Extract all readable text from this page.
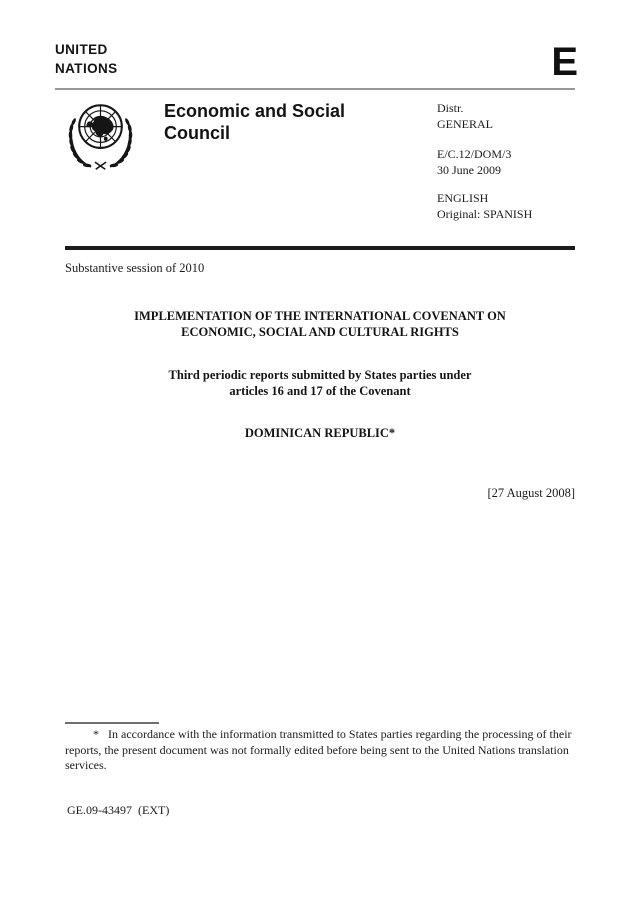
UNITED
NATIONS	E
Economic and Social
Council
Distr.
GENERAL
E/C.12/DOM/3
30 June 2009
ENGLISH
Original: SPANISH
Substantive session of 2010
IMPLEMENTATION OF THE INTERNATIONAL COVENANT ON
ECONOMIC, SOCIAL AND CULTURAL RIGHTS
Third periodic reports submitted by States parties under
articles 16 and 17 of the Covenant
DOMINICAN REPUBLIC*
[27 August 2008]

* In accordance with the information transmitted to States parties regarding the processing of their reports, the present document was not formally edited before being sent to the United Nations translation services.

GE.09-43497  (EXT)
